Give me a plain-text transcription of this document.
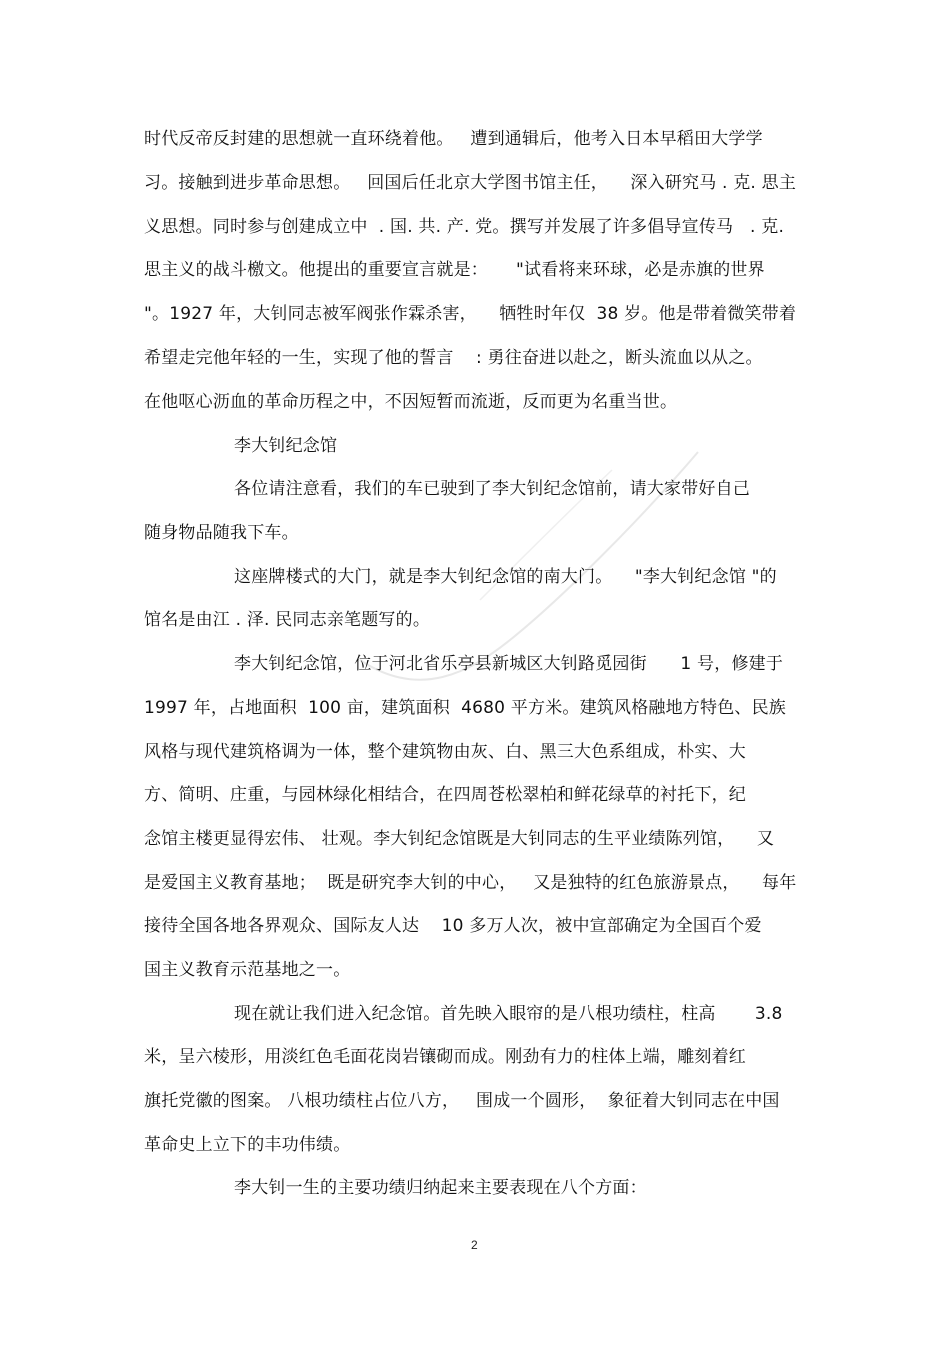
时代反帝反封建的思想就一直环绕着他。   遭到通辑后，他考入日本早稻田大学学
习。接触到进步革命思想。   回国后任北京大学图书馆主任，    深入研究马 . 克. 思主
义思想。同时参与创建成立中  . 国. 共. 产. 党。撰写并发展了许多倡导宣传马   . 克.
思主义的战斗檄文。他提出的重要宣言就是：     "试看将来环球，必是赤旗的世界
"。1927 年，大钊同志被军阀张作霖杀害，    牺牲时年仅  38 岁。他是带着微笑带着
希望走完他年轻的一生，实现了他的誓言    : 勇往奋进以赴之，断头流血以从之。
在他呕心沥血的革命历程之中，不因短暂而流逝，反而更为名重当世。
李大钊纪念馆
各位请注意看，我们的车已驶到了李大钊纪念馆前，请大家带好自己
随身物品随我下车。
这座牌楼式的大门，就是李大钊纪念馆的南大门。    "李大钊纪念馆 "的
馆名是由江 . 泽. 民同志亲笔题写的。
李大钊纪念馆，位于河北省乐亭县新城区大钊路觅园街      1 号，修建于
1997 年，占地面积  100 亩，建筑面积  4680 平方米。建筑风格融地方特色、民族
风格与现代建筑格调为一体，整个建筑物由灰、白、黑三大色系组成，朴实、大
方、简明、庄重，与园林绿化相结合，在四周苍松翠柏和鲜花绿草的衬托下，纪
念馆主楼更显得宏伟、 壮观。李大钊纪念馆既是大钊同志的生平业绩陈列馆，    又
是爱国主义教育基地；  既是研究李大钊的中心，   又是独特的红色旅游景点，    每年
接待全国各地各界观众、国际友人达    10 多万人次，被中宣部确定为全国百个爱
国主义教育示范基地之一。
现在就让我们进入纪念馆。首先映入眼帘的是八根功绩柱，柱高       3.8
米，呈六棱形，用淡红色毛面花岗岩镶砌而成。刚劲有力的柱体上端，雕刻着红
旗托党徽的图案。 八根功绩柱占位八方，   围成一个圆形，  象征着大钊同志在中国
革命史上立下的丰功伟绩。
李大钊一生的主要功绩归纳起来主要表现在八个方面：
2
